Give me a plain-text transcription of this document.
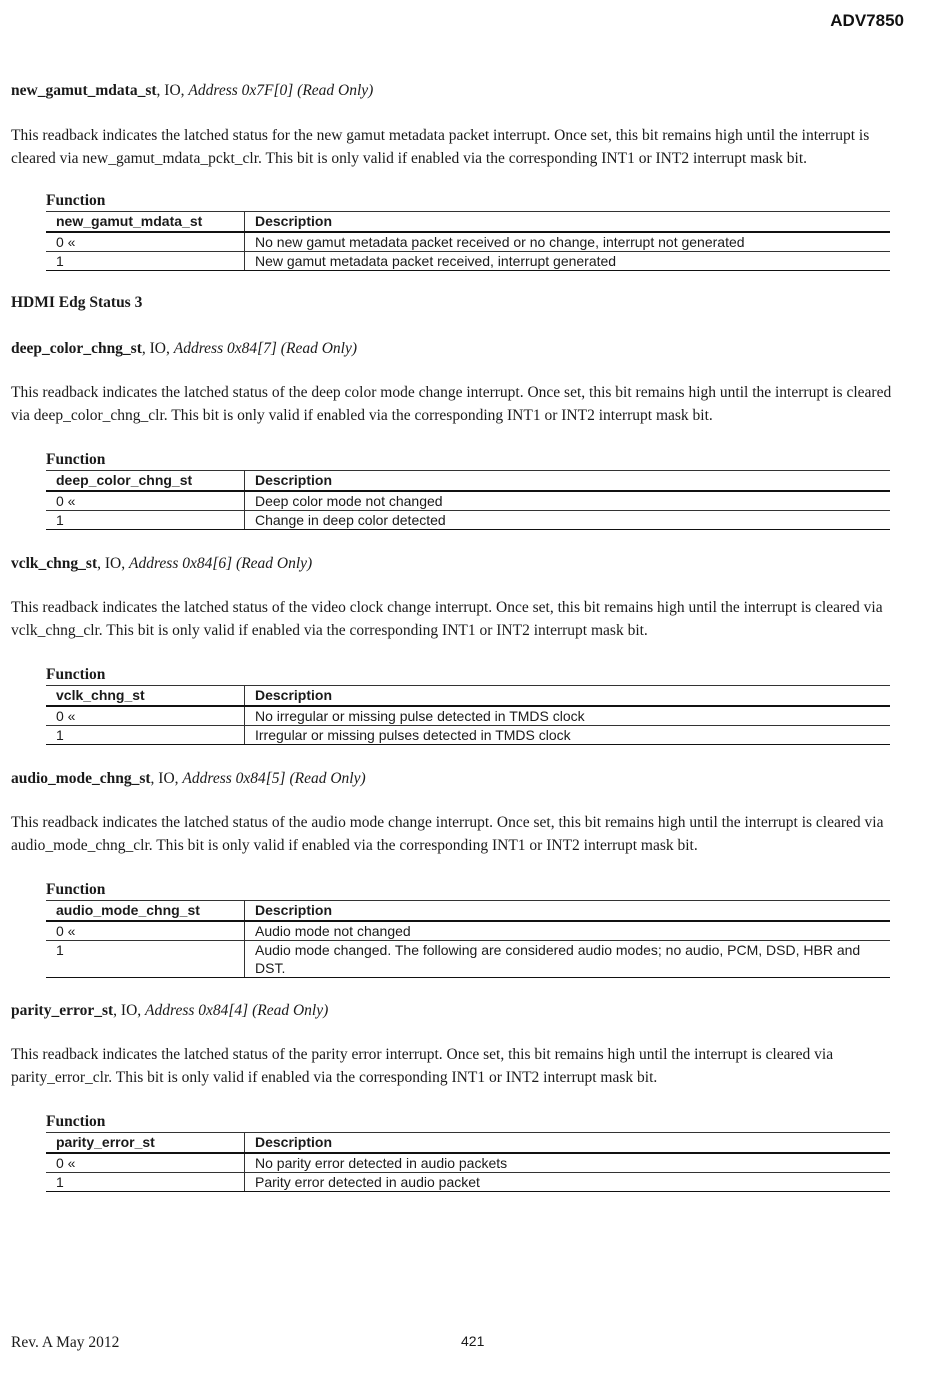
ADV7850

new_gamut_mdata_st, IO, Address 0x7F[0] (Read Only)

This readback indicates the latched status for the new gamut metadata packet interrupt. Once set, this bit remains high until the interrupt is cleared via new_gamut_mdata_pckt_clr. This bit is only valid if enabled via the corresponding INT1 or INT2 interrupt mask bit.

Function
new_gamut_mdata_st	Description
0 «	No new gamut metadata packet received or no change, interrupt not generated
1	New gamut metadata packet received, interrupt generated

HDMI Edg Status 3

deep_color_chng_st, IO, Address 0x84[7] (Read Only)

This readback indicates the latched status of the deep color mode change interrupt. Once set, this bit remains high until the interrupt is cleared via deep_color_chng_clr. This bit is only valid if enabled via the corresponding INT1 or INT2 interrupt mask bit.

Function
deep_color_chng_st	Description
0 «	Deep color mode not changed
1	Change in deep color detected

vclk_chng_st, IO, Address 0x84[6] (Read Only)

This readback indicates the latched status of the video clock change interrupt. Once set, this bit remains high until the interrupt is cleared via vclk_chng_clr. This bit is only valid if enabled via the corresponding INT1 or INT2 interrupt mask bit.

Function
vclk_chng_st	Description
0 «	No irregular or missing pulse detected in TMDS clock
1	Irregular or missing pulses detected in TMDS clock

audio_mode_chng_st, IO, Address 0x84[5] (Read Only)

This readback indicates the latched status of the audio mode change interrupt. Once set, this bit remains high until the interrupt is cleared via audio_mode_chng_clr. This bit is only valid if enabled via the corresponding INT1 or INT2 interrupt mask bit.

Function
audio_mode_chng_st	Description
0 «	Audio mode not changed
1	Audio mode changed. The following are considered audio modes; no audio, PCM, DSD, HBR and DST.

parity_error_st, IO, Address 0x84[4] (Read Only)

This readback indicates the latched status of the parity error interrupt. Once set, this bit remains high until the interrupt is cleared via parity_error_clr. This bit is only valid if enabled via the corresponding INT1 or INT2 interrupt mask bit.

Function
parity_error_st	Description
0 «	No parity error detected in audio packets
1	Parity error detected in audio packet
Rev. A May 2012	421
